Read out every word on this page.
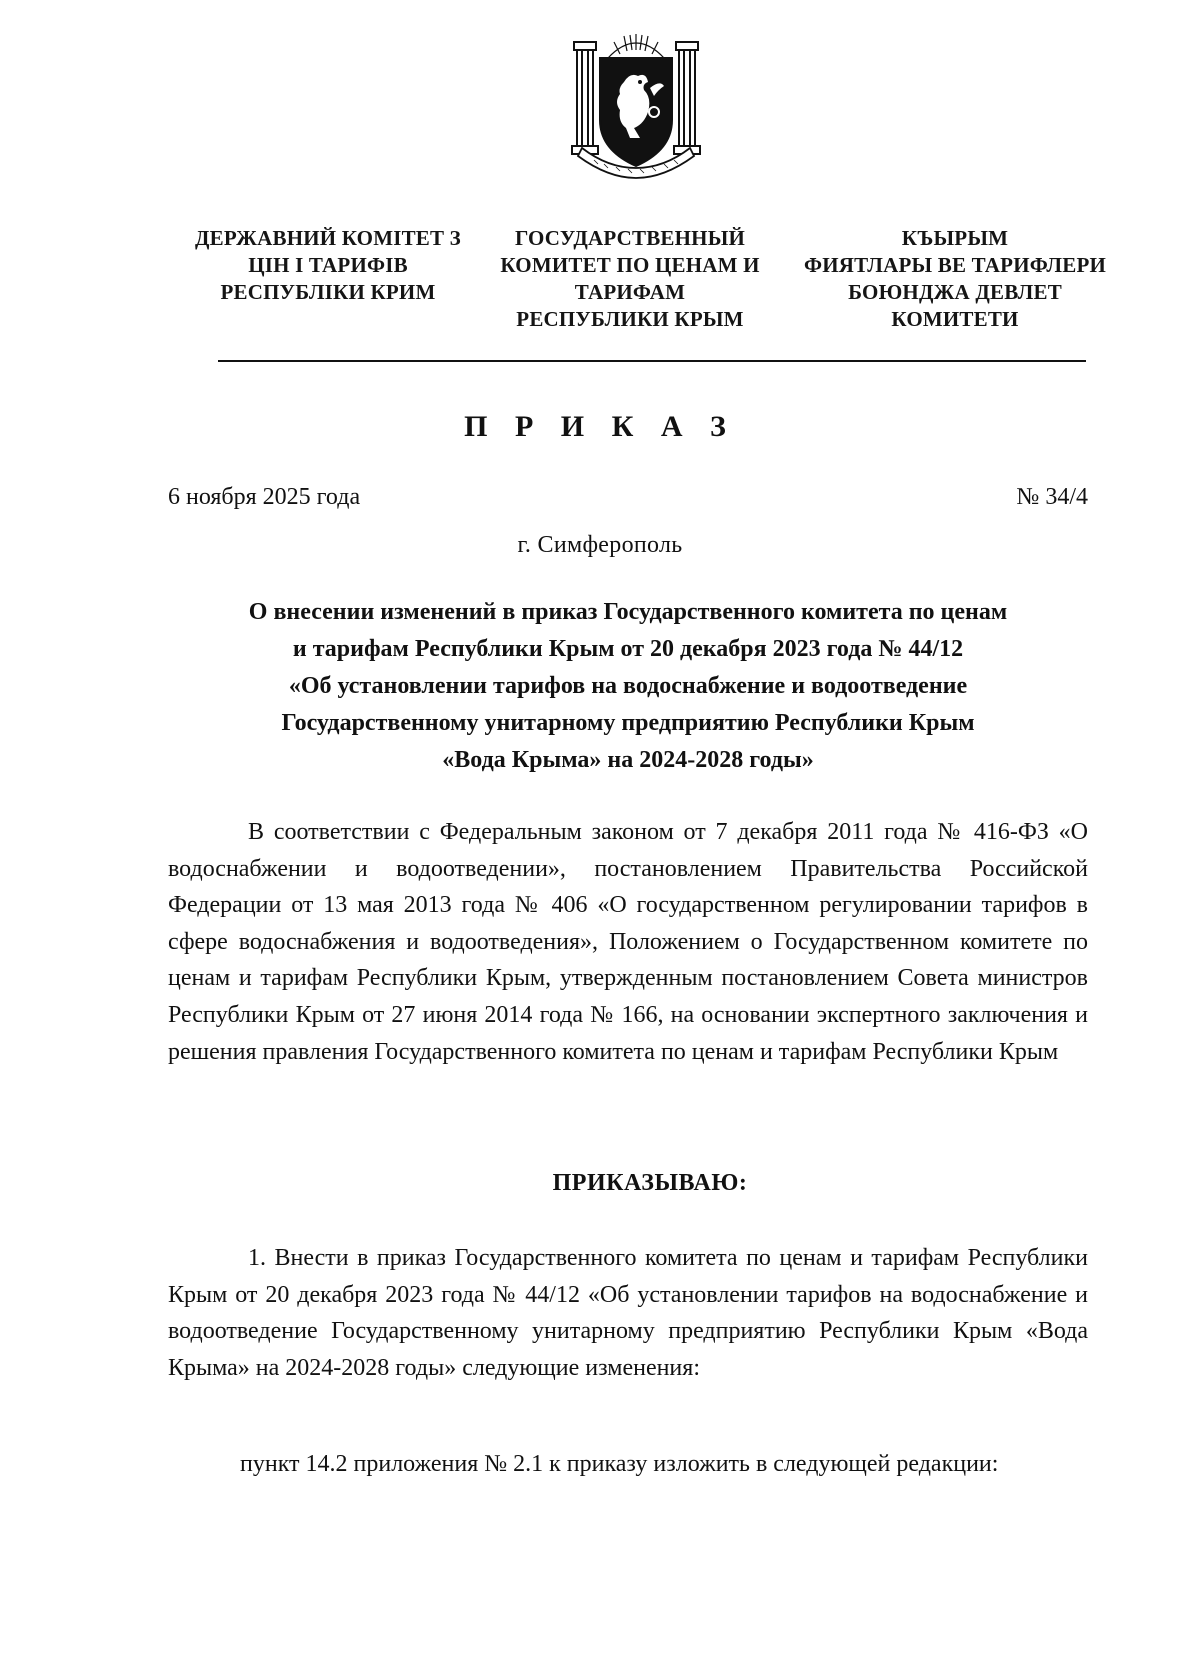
ДЕРЖАВНИЙ КОМІТЕТ З
ЦІН І ТАРИФІВ
РЕСПУБЛІКИ КРИМ
ГОСУДАРСТВЕННЫЙ
КОМИТЕТ ПО ЦЕНАМ И
ТАРИФАМ
РЕСПУБЛИКИ КРЫМ
КЪЫРЫМ
ФИЯТЛАРЫ ВЕ ТАРИФЛЕРИ
БОЮНДЖА ДЕВЛЕТ
КОМИТЕТИ
П Р И К А З
6 ноября 2025 года	№ 34/4
г. Симферополь
О внесении изменений в приказ Государственного комитета по ценам
и тарифам Республики Крым от 20 декабря 2023 года № 44/12
«Об установлении тарифов на водоснабжение и водоотведение
Государственному унитарному предприятию Республики Крым
«Вода Крыма» на 2024-2028 годы»
В соответствии с Федеральным законом от 7 декабря 2011 года № 416-ФЗ «О водоснабжении и водоотведении», постановлением Правительства Российской Федерации от 13 мая 2013 года № 406 «О государственном регулировании тарифов в сфере водоснабжения и водоотведения», Положением о Государственном комитете по ценам и тарифам Республики Крым, утвержденным постановлением Совета министров Республики Крым от 27 июня 2014 года № 166, на основании экспертного заключения и решения правления Государственного комитета по ценам и тарифам Республики Крым
ПРИКАЗЫВАЮ:
1. Внести в приказ Государственного комитета по ценам и тарифам Республики Крым от 20 декабря 2023 года № 44/12 «Об установлении тарифов на водоснабжение и водоотведение Государственному унитарному предприятию Республики Крым «Вода Крыма» на 2024-2028 годы» следующие изменения:
пункт 14.2 приложения № 2.1 к приказу изложить в следующей редакции:
